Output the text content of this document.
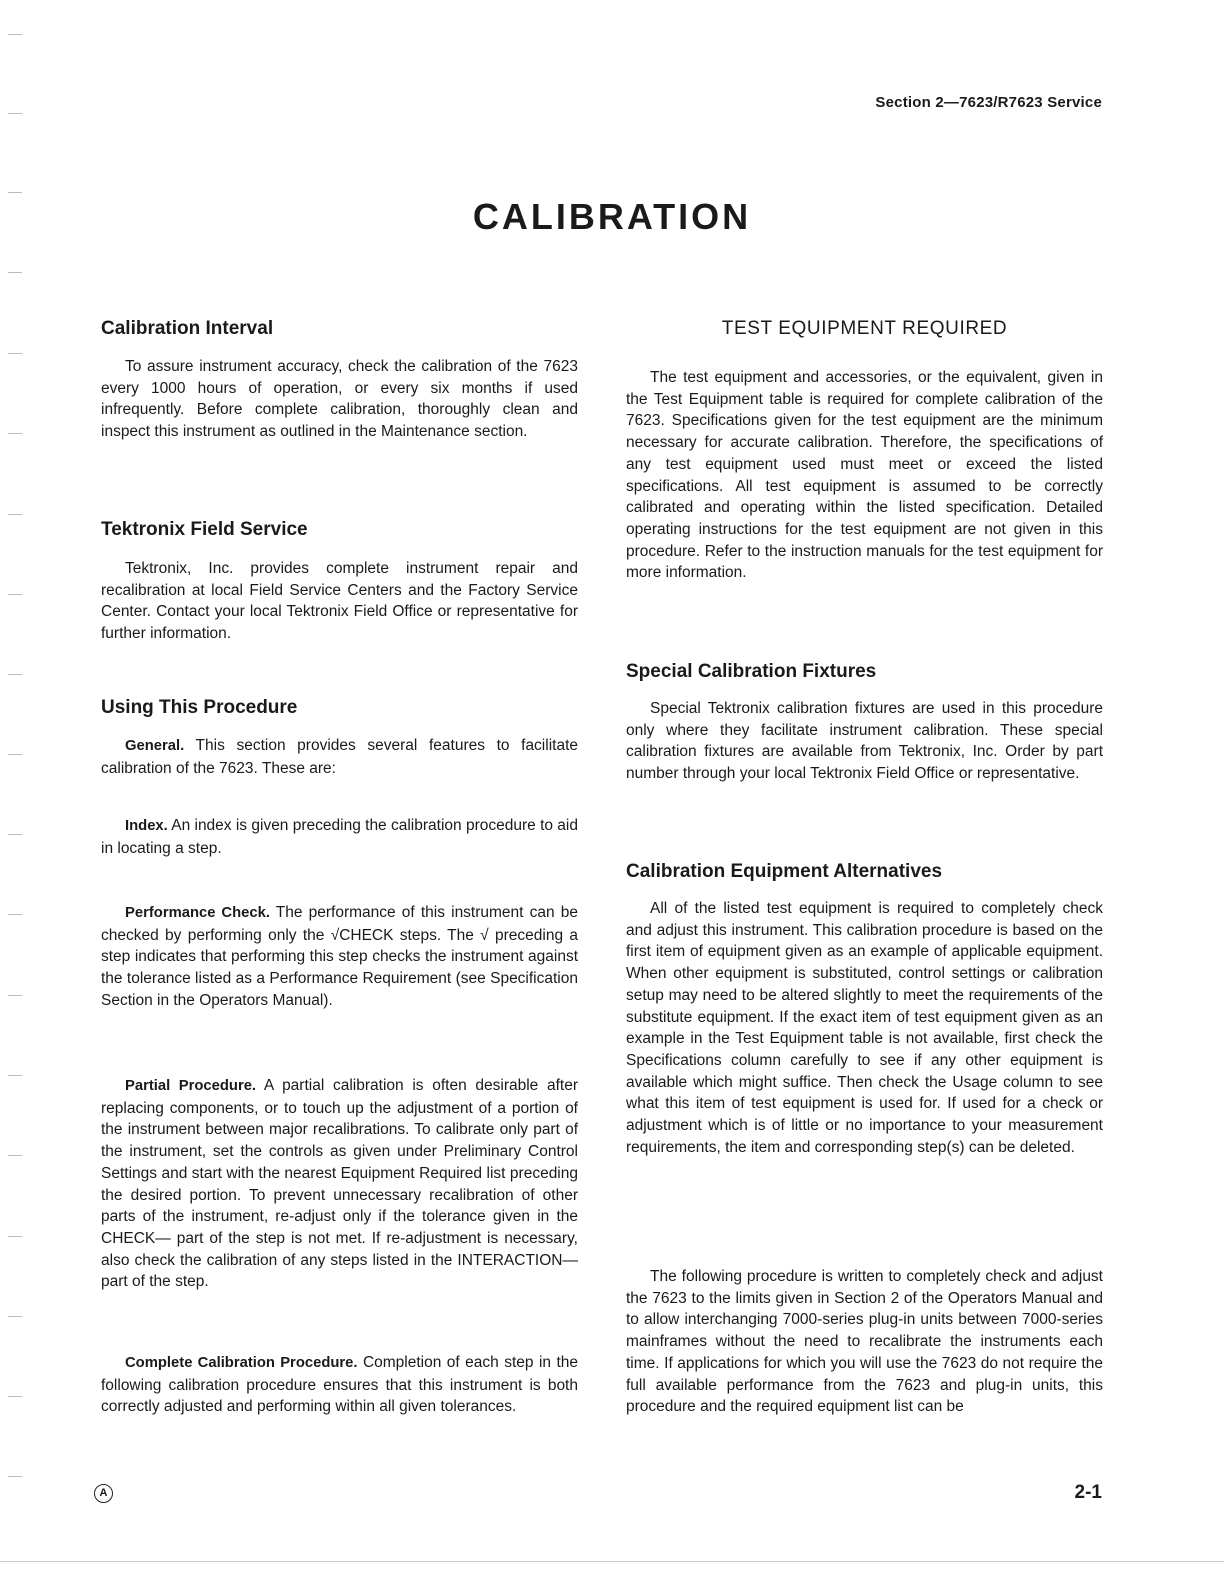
Section 2—7623/R7623 Service
CALIBRATION
Calibration Interval

To assure instrument accuracy, check the calibration of the 7623 every 1000 hours of operation, or every six months if used infrequently. Before complete calibration, thoroughly clean and inspect this instrument as outlined in the Maintenance section.

Tektronix Field Service

Tektronix, Inc. provides complete instrument repair and recalibration at local Field Service Centers and the Factory Service Center. Contact your local Tektronix Field Office or representative for further information.

Using This Procedure

General. This section provides several features to facilitate calibration of the 7623. These are:

Index. An index is given preceding the calibration procedure to aid in locating a step.

Performance Check. The performance of this instrument can be checked by performing only the √CHECK steps. The √ preceding a step indicates that performing this step checks the instrument against the tolerance listed as a Performance Requirement (see Specification Section in the Operators Manual).

Partial Procedure. A partial calibration is often desirable after replacing components, or to touch up the adjustment of a portion of the instrument between major recalibrations. To calibrate only part of the instrument, set the controls as given under Preliminary Control Settings and start with the nearest Equipment Required list preceding the desired portion. To prevent unnecessary recalibration of other parts of the instrument, re-adjust only if the tolerance given in the CHECK— part of the step is not met. If re-adjustment is necessary, also check the calibration of any steps listed in the INTERACTION— part of the step.

Complete Calibration Procedure. Completion of each step in the following calibration procedure ensures that this instrument is both correctly adjusted and performing within all given tolerances.

TEST EQUIPMENT REQUIRED

The test equipment and accessories, or the equivalent, given in the Test Equipment table is required for complete calibration of the 7623. Specifications given for the test equipment are the minimum necessary for accurate calibration. Therefore, the specifications of any test equipment used must meet or exceed the listed specifications. All test equipment is assumed to be correctly calibrated and operating within the listed specification. Detailed operating instructions for the test equipment are not given in this procedure. Refer to the instruction manuals for the test equipment for more information.

Special Calibration Fixtures

Special Tektronix calibration fixtures are used in this procedure only where they facilitate instrument calibration. These special calibration fixtures are available from Tektronix, Inc. Order by part number through your local Tektronix Field Office or representative.

Calibration Equipment Alternatives

All of the listed test equipment is required to completely check and adjust this instrument. This calibration procedure is based on the first item of equipment given as an example of applicable equipment. When other equipment is substituted, control settings or calibration setup may need to be altered slightly to meet the requirements of the substitute equipment. If the exact item of test equipment given as an example in the Test Equipment table is not available, first check the Specifications column carefully to see if any other equipment is available which might suffice. Then check the Usage column to see what this item of test equipment is used for. If used for a check or adjustment which is of little or no importance to your measurement requirements, the item and corresponding step(s) can be deleted.

The following procedure is written to completely check and adjust the 7623 to the limits given in Section 2 of the Operators Manual and to allow interchanging 7000-series plug-in units between 7000-series mainframes without the need to recalibrate the instruments each time. If applications for which you will use the 7623 do not require the full available performance from the 7623 and plug-in units, this procedure and the required equipment list can be

A	2-1
